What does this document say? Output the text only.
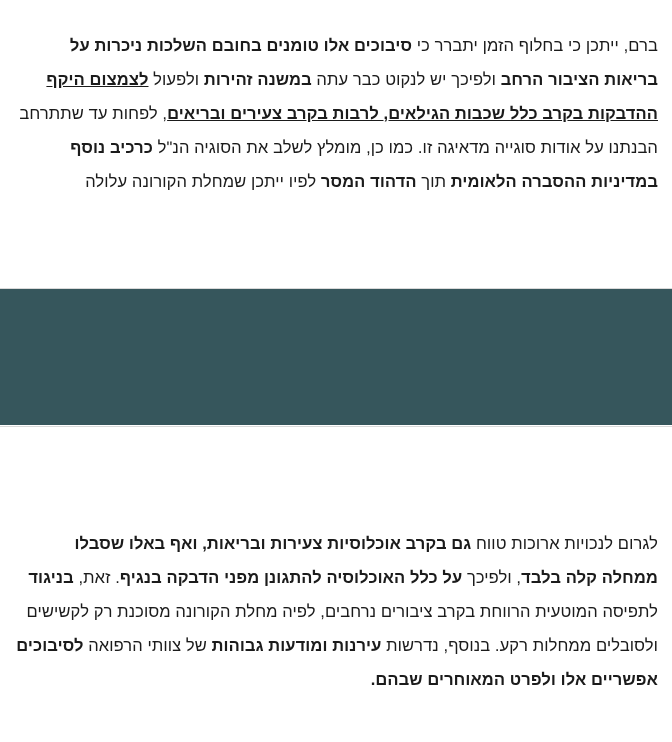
ברם, ייתכן כי בחלוף הזמן יתברר כי סיבוכים אלו טומנים בחובם השלכות ניכרות על בריאות הציבור הרחב ולפיכך יש לנקוט כבר עתה במשנה זהירות ולפעול לצמצום היקף ההדבקות בקרב כלל שכבות הגילאים, לרבות בקרב צעירים ובריאים, לפחות עד שתתרחב הבנתנו על אודות סוגייה מדאיגה זו. כמו כן, מומלץ לשלב את הסוגיה הנ"ל כרכיב נוסף במדיניות ההסברה הלאומית תוך הדהוד המסר לפיו ייתכן שמחלת הקורונה עלולה

לגרום לנכויות ארוכות טווח גם בקרב אוכלוסיות צעירות ובריאות, ואף באלו שסבלו ממחלה קלה בלבד, ולפיכך על כלל האוכלוסיה להתגונן מפני הדבקה בנגיף. זאת, בניגוד לתפיסה המוטעית הרווחת בקרב ציבורים נרחבים, לפיה מחלת הקורונה מסוכנת רק לקשישים ולסובלים ממחלות רקע. בנוסף, נדרשות עירנות ומודעות גבוהות של צוותי הרפואה לסיבוכים אפשריים אלו ולפרט המאוחרים שבהם.
